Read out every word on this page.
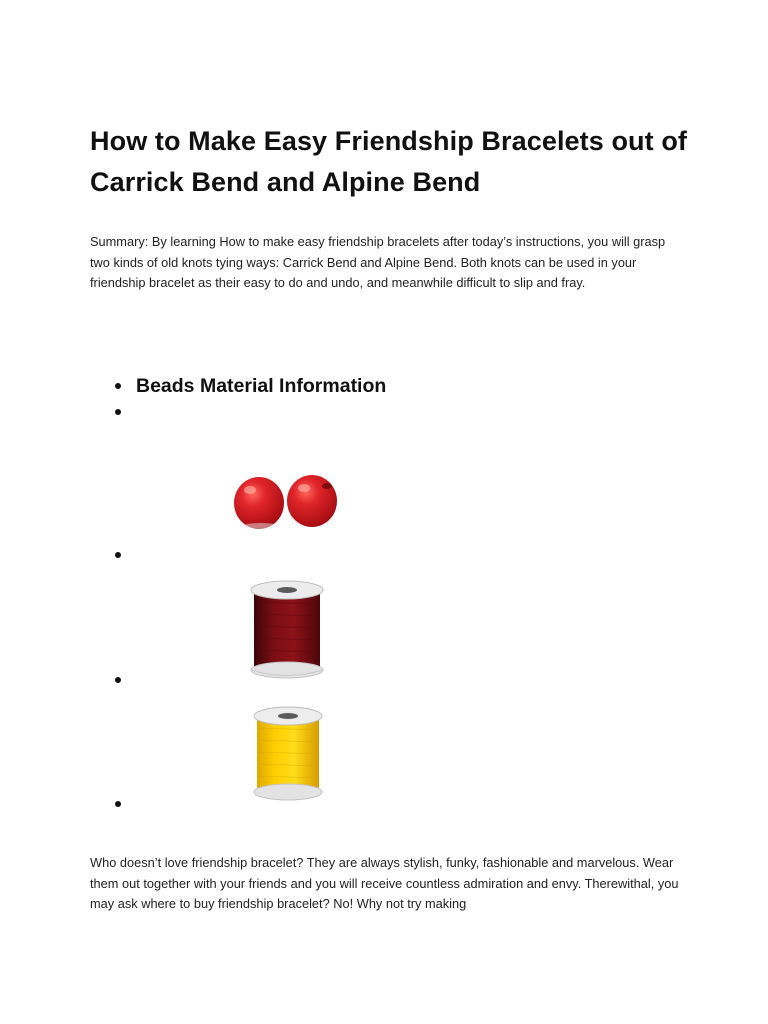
How to Make Easy Friendship Bracelets out of Carrick Bend and Alpine Bend

Summary: By learning How to make easy friendship bracelets after today’s instructions, you will grasp two kinds of old knots tying ways: Carrick Bend and Alpine Bend. Both knots can be used in your friendship bracelet as their easy to do and undo, and meanwhile difficult to slip and fray.

Beads Material Information

Who doesn’t love friendship bracelet? They are always stylish, funky, fashionable and marvelous. Wear them out together with your friends and you will receive countless admiration and envy. Therewithal, you may ask where to buy friendship bracelet? No! Why not try making
